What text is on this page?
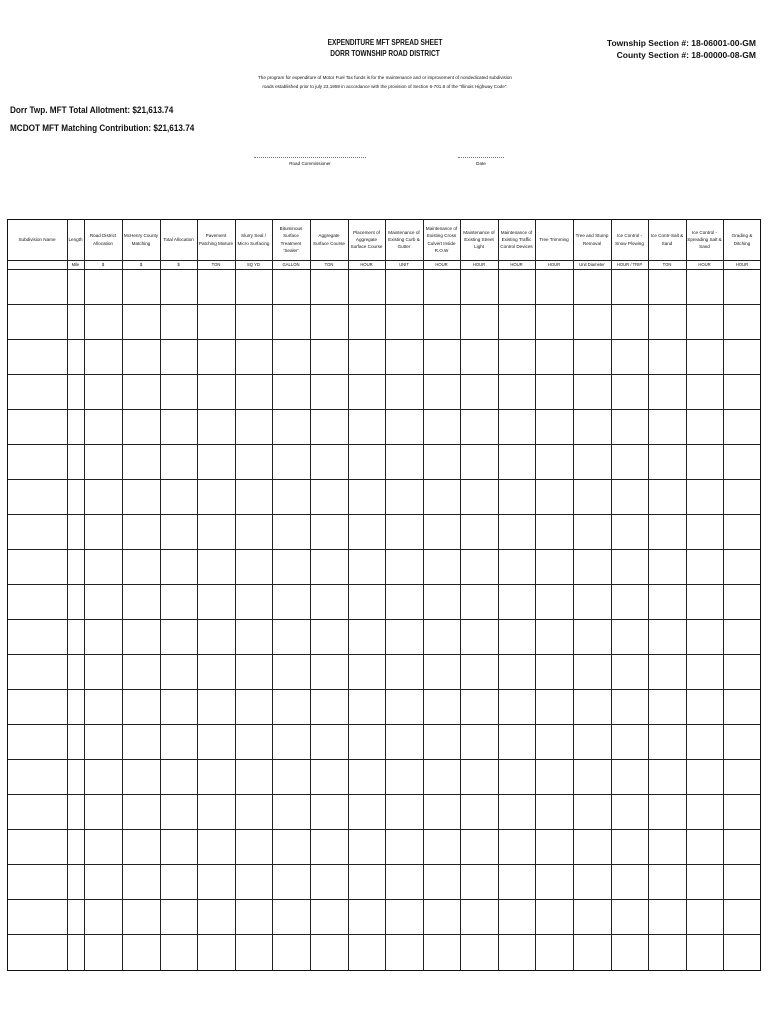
EXPENDITURE MFT SPREAD SHEET
DORR TOWNSHIP ROAD DISTRICT
Township Section #: 18-06001-00-GM
County Section #: 18-00000-08-GM
The program for expenditure of Motor Fuel Tax funds is for the maintenance and or improvement of nondedicated subdivision
roads established prior to july 23,1959 in accordance with the provision of Section 6-701.8 of the "Illinois Highway Code".
Dorr Twp. MFT Total Allotment: $21,613.74
MCDOT MFT Matching Contribution: $21,613.74
Road Commissioner	Date
Subdivision Name	Length
Mile
Road District Allocation
$
McHenry County Matching
$
Total Allocation
$
Pavement Patching Mixture
TON
Slurry Seal / Micro Surfacing
SQ YD
Bituminous Surface Treatment 'Sealer'
GALLON
Aggregate Surface Course
TON
Placement of Aggregate Surface Course
HOUR
Maintenance of Existing Curb & Gutter
UNIT
Maintenance of Existing Cross Culvert Inside R.O.W
HOUR
Maintenance of Existing Street Light
HOUR
Maintenance of Existing Traffic Control Devices
HOUR
Tree Trimming
HOUR
Tree and Stump Removal
Unit Diameter
Ice Control - Snow Plowing
HOUR / TRIP
Ice Contr-Salt & Sand
TON
Ice Control - Spreading Salt & Sand
HOUR
Grading & Ditching
HOUR
